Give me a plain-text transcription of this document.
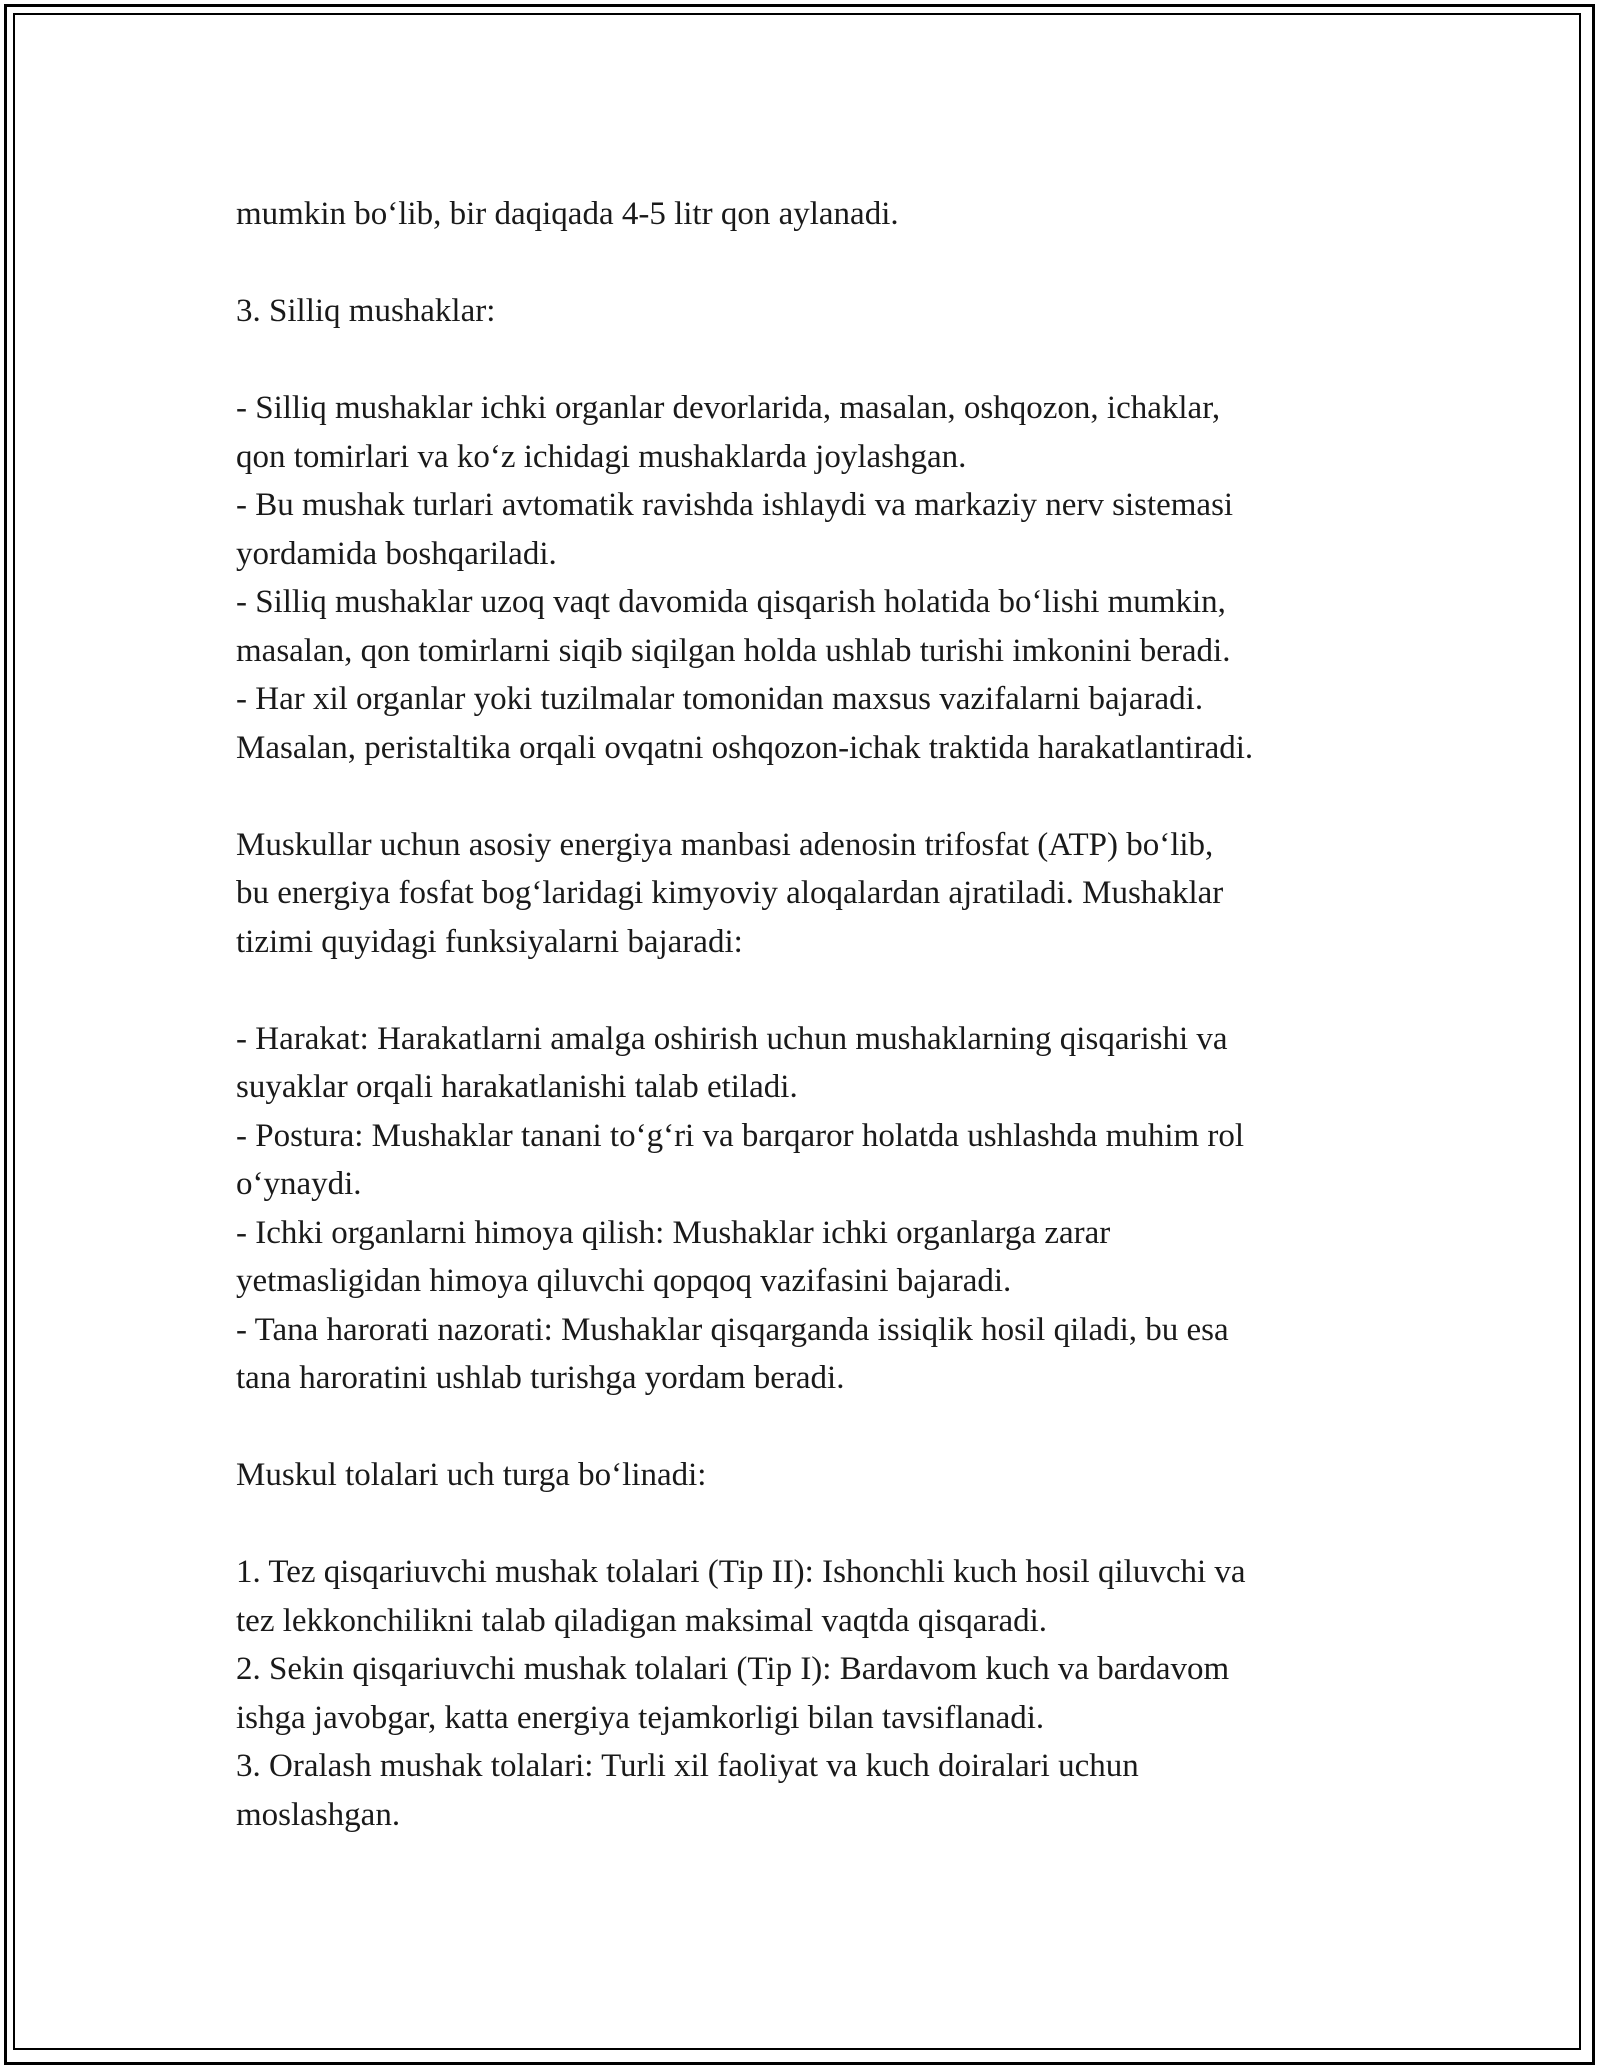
mumkin bo‘lib, bir daqiqada 4-5 litr qon aylanadi.
3. Silliq mushaklar:
- Silliq mushaklar ichki organlar devorlarida, masalan, oshqozon, ichaklar,
qon tomirlari va ko‘z ichidagi mushaklarda joylashgan.
- Bu mushak turlari avtomatik ravishda ishlaydi va markaziy nerv sistemasi
yordamida boshqariladi.
- Silliq mushaklar uzoq vaqt davomida qisqarish holatida bo‘lishi mumkin,
masalan, qon tomirlarni siqib siqilgan holda ushlab turishi imkonini beradi.
- Har xil organlar yoki tuzilmalar tomonidan maxsus vazifalarni bajaradi.
Masalan, peristaltika orqali ovqatni oshqozon-ichak traktida harakatlantiradi.
Muskullar uchun asosiy energiya manbasi adenosin trifosfat (ATP) bo‘lib,
bu energiya fosfat bog‘laridagi kimyoviy aloqalardan ajratiladi. Mushaklar
tizimi quyidagi funksiyalarni bajaradi:
- Harakat: Harakatlarni amalga oshirish uchun mushaklarning qisqarishi va
suyaklar orqali harakatlanishi talab etiladi.
- Postura: Mushaklar tanani to‘g‘ri va barqaror holatda ushlashda muhim rol
o‘ynaydi.
- Ichki organlarni himoya qilish: Mushaklar ichki organlarga zarar
yetmasligidan himoya qiluvchi qopqoq vazifasini bajaradi.
- Tana harorati nazorati: Mushaklar qisqarganda issiqlik hosil qiladi, bu esa
tana haroratini ushlab turishga yordam beradi.
Muskul tolalari uch turga bo‘linadi:
1. Tez qisqariuvchi mushak tolalari (Tip II): Ishonchli kuch hosil qiluvchi va
tez lekkonchilikni talab qiladigan maksimal vaqtda qisqaradi.
2. Sekin qisqariuvchi mushak tolalari (Tip I): Bardavom kuch va bardavom
ishga javobgar, katta energiya tejamkorligi bilan tavsiflanadi.
3. Oralash mushak tolalari: Turli xil faoliyat va kuch doiralari uchun
moslashgan.
